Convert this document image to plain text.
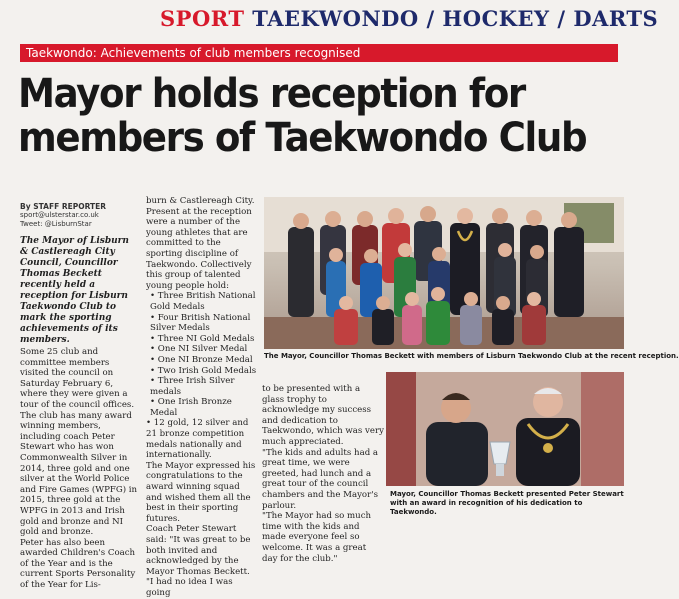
SPORT TAEKWONDO / HOCKEY / DARTS
Taekwondo: Achievements of club members recognised
Mayor holds reception for
members of Taekwondo Club
By STAFF REPORTER
sport@ulsterstar.co.uk
Tweet: @LisburnStar

The Mayor of Lisburn & Castlereagh City Council, Councillor Thomas Beckett recently held a reception for Lisburn Taekwondo Club to mark the sporting achievements of its members.

Some 25 club and committee members visited the council on Saturday February 6, where they were given a tour of the council offices.

The club has many award winning members, including coach Peter Stewart who has won Commonwealth Silver in 2014, three gold and one silver at the World Police and Fire Games (WPFG) in 2015, three gold at the WPFG in 2013 and Irish gold and bronze and NI gold and bronze.

Peter has also been awarded Children's Coach of the Year and is the current Sports Personality of the Year for Lis-

burn & Castlereagh City.

Present at the reception were a number of the young athletes that are committed to the sporting discipline of Taekwondo. Collectively this group of talented young people hold:

• Three British National Gold Medals
• Four British National Silver Medals
• Three NI Gold Medals
• One NI Silver Medal
• One NI Bronze Medal
• Two Irish Gold Medals
• Three Irish Silver medals
• One Irish Bronze Medal

• 12 gold, 12 silver and 21 bronze competition medals nationally and internationally.

The Mayor expressed his congratulations to the award winning squad and wished them all the best in their sporting futures.

Coach Peter Stewart said: "It was great to be both invited and acknowledged by the Mayor Thomas Beckett.

"I had no idea I was going

to be presented with a glass trophy to acknowledge my success and dedication to Taekwondo, which was very much appreciated.

"The kids and adults had a great time, we were greeted, had lunch and a great tour of the council chambers and the Mayor's parlour.

"The Mayor had so much time with the kids and made everyone feel so welcome. It was a great day for the club."

The Mayor, Councillor Thomas Beckett with members of Lisburn Taekwondo Club at the recent reception.
Mayor, Councillor Thomas Beckett presented Peter Stewart with an award in recognition of his dedication to Taekwondo.
